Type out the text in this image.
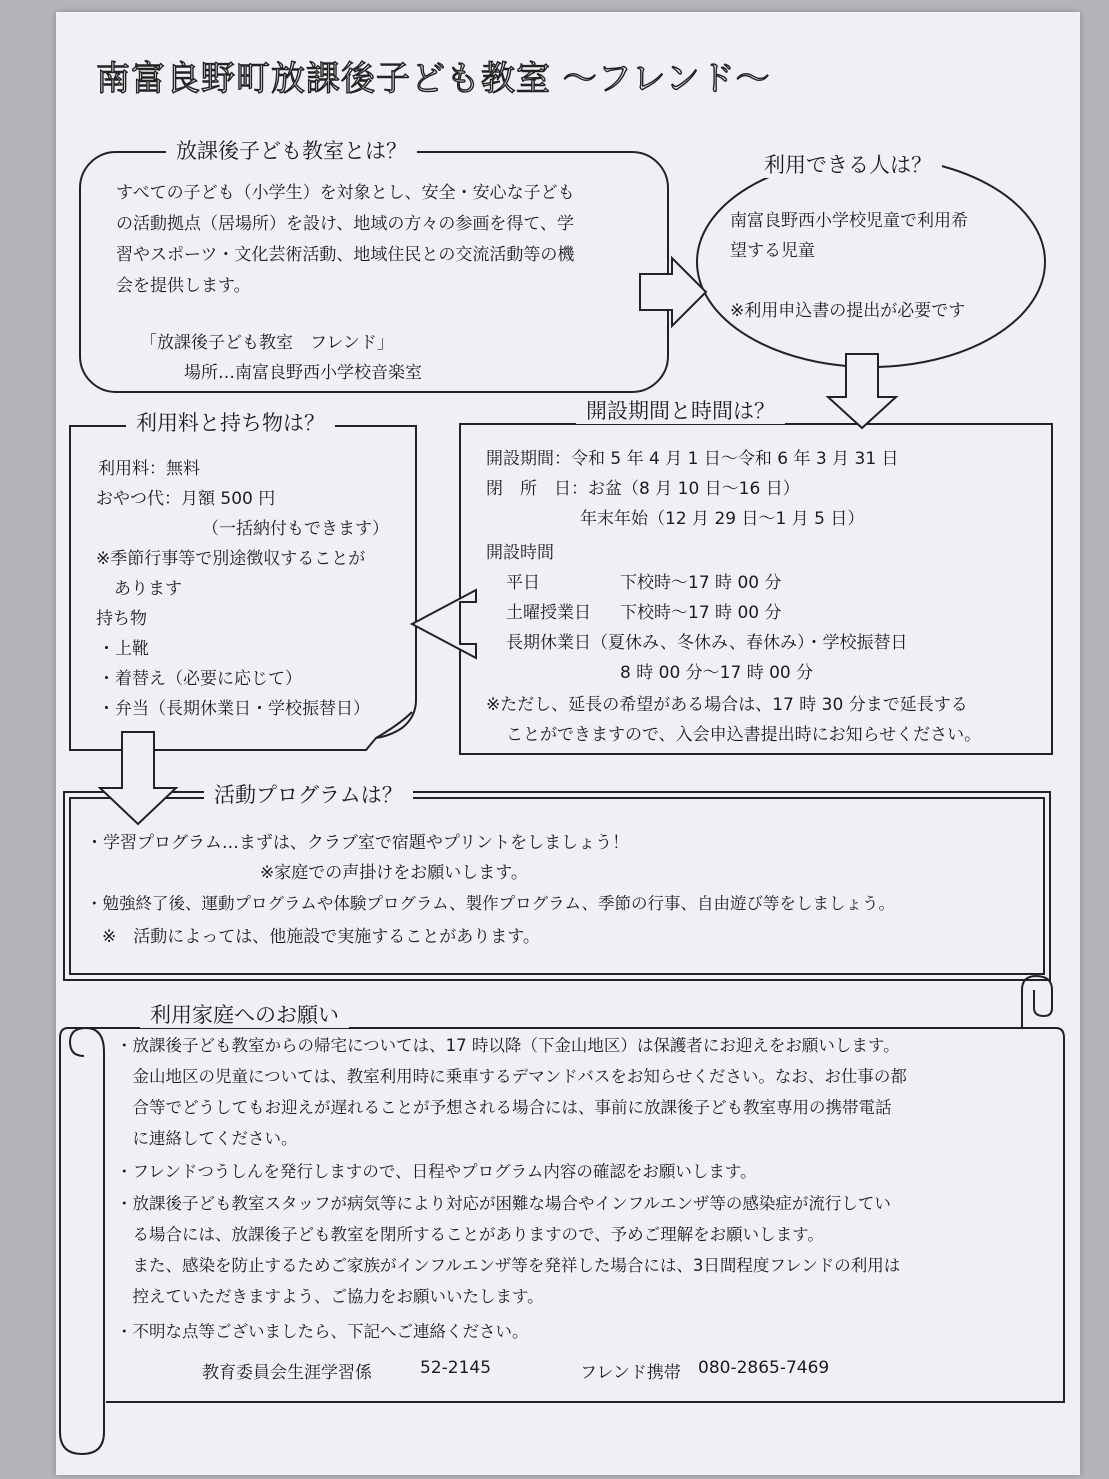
南富良野町放課後子ども教室 ～フレンド～
放課後子ども教室とは？
すべての子ども（小学生）を対象とし、安全・安心な子ども
の活動拠点（居場所）を設け、地域の方々の参画を得て、学
習やスポーツ・文化芸術活動、地域住民との交流活動等の機
会を提供します。
「放課後子ども教室　フレンド」
場所…南富良野西小学校音楽室
利用できる人は？
南富良野西小学校児童で利用希
望する児童
※利用申込書の提出が必要です
利用料と持ち物は？
利用料：無料
おやつ代：月額 500 円
（一括納付もできます）
※季節行事等で別途徴収することが
あります
持ち物
・上靴
・着替え（必要に応じて）
・弁当（長期休業日・学校振替日）
開設期間と時間は？
開設期間：令和 5 年 4 月 1 日～令和 6 年 3 月 31 日
閉　所　日：お盆（8 月 10 日～16 日）
年末年始（12 月 29 日～1 月 5 日）
開設時間
平日	下校時～17 時 00 分
土曜授業日 下校時～17 時 00 分
長期休業日（夏休み、冬休み、春休み）・学校振替日
8 時 00 分～17 時 00 分
※ただし、延長の希望がある場合は、17 時 30 分まで延長する
ことができますので、入会申込書提出時にお知らせください。
活動プログラムは？
・学習プログラム…まずは、クラブ室で宿題やプリントをしましょう！
※家庭での声掛けをお願いします。
・勉強終了後、運動プログラムや体験プログラム、製作プログラム、季節の行事、自由遊び等をしましょう。
※　活動によっては、他施設で実施することがあります。
利用家庭へのお願い
・放課後子ども教室からの帰宅については、17 時以降（下金山地区）は保護者にお迎えをお願いします。
　金山地区の児童については、教室利用時に乗車するデマンドバスをお知らせください。なお、お仕事の都
　合等でどうしてもお迎えが遅れることが予想される場合には、事前に放課後子ども教室専用の携帯電話
　に連絡してください。
・フレンドつうしんを発行しますので、日程やプログラム内容の確認をお願いします。
・放課後子ども教室スタッフが病気等により対応が困難な場合やインフルエンザ等の感染症が流行してい
　る場合には、放課後子ども教室を閉所することがありますので、予めご理解をお願いします。
　また、感染を防止するためご家族がインフルエンザ等を発祥した場合には、3日間程度フレンドの利用は
　控えていただきますよう、ご協力をお願いいたします。
・不明な点等ございましたら、下記へご連絡ください。
教育委員会生涯学習係	52-2145	フレンド携帯 080-2865-7469
